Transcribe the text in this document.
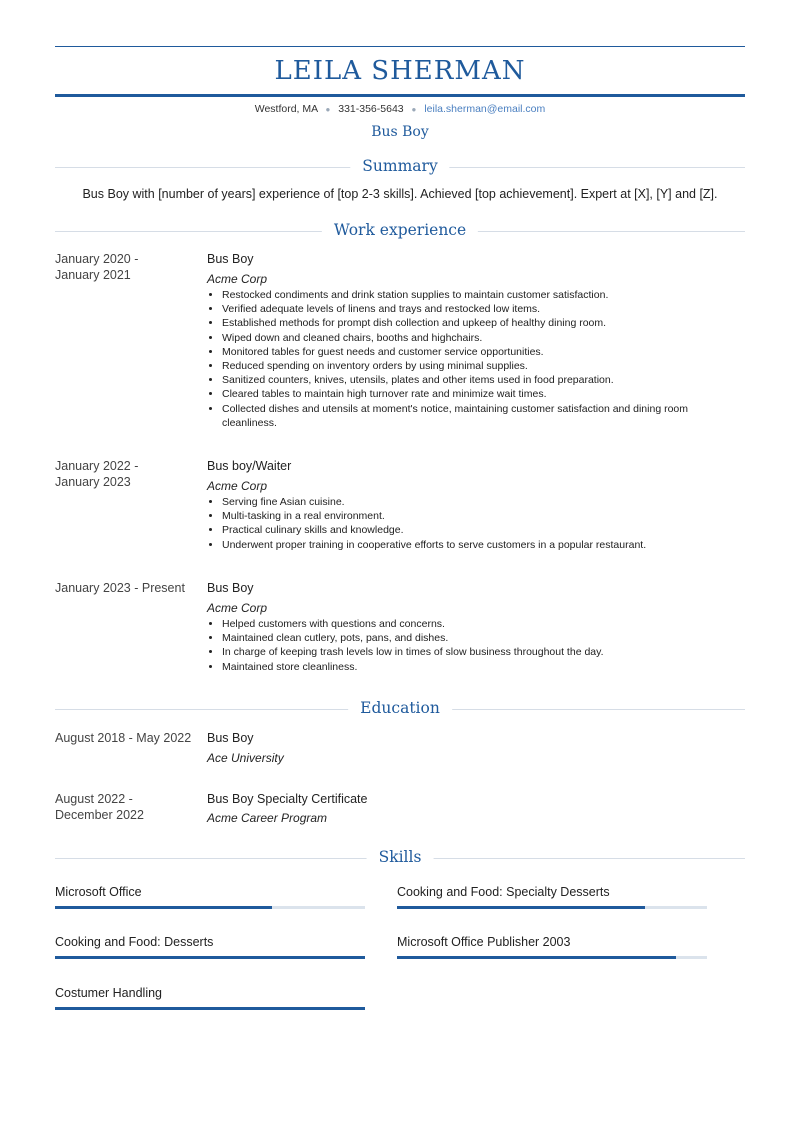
LEILA SHERMAN
Westford, MA ● 331-356-5643 ● leila.sherman@email.com
Bus Boy
Summary
Bus Boy with [number of years] experience of [top 2-3 skills]. Achieved [top achievement]. Expert at [X], [Y] and [Z].
Work experience
January 2020 -
January 2021
Bus Boy
Acme Corp
• Restocked condiments and drink station supplies to maintain customer satisfaction.
• Verified adequate levels of linens and trays and restocked low items.
• Established methods for prompt dish collection and upkeep of healthy dining room.
• Wiped down and cleaned chairs, booths and highchairs.
• Monitored tables for guest needs and customer service opportunities.
• Reduced spending on inventory orders by using minimal supplies.
• Sanitized counters, knives, utensils, plates and other items used in food preparation.
• Cleared tables to maintain high turnover rate and minimize wait times.
• Collected dishes and utensils at moment's notice, maintaining customer satisfaction and dining room cleanliness.
January 2022 -
January 2023
Bus boy/Waiter
Acme Corp
• Serving fine Asian cuisine.
• Multi-tasking in a real environment.
• Practical culinary skills and knowledge.
• Underwent proper training in cooperative efforts to serve customers in a popular restaurant.
January 2023 - Present	Bus Boy
Acme Corp
• Helped customers with questions and concerns.
• Maintained clean cutlery, pots, pans, and dishes.
• In charge of keeping trash levels low in times of slow business throughout the day.
• Maintained store cleanliness.
Education
August 2018 - May 2022	Bus Boy
Ace University
August 2022 -
December 2022
Bus Boy Specialty Certificate
Acme Career Program
Skills
Microsoft Office	Cooking and Food: Specialty Desserts
Cooking and Food: Desserts	Microsoft Office Publisher 2003
Costumer Handling
